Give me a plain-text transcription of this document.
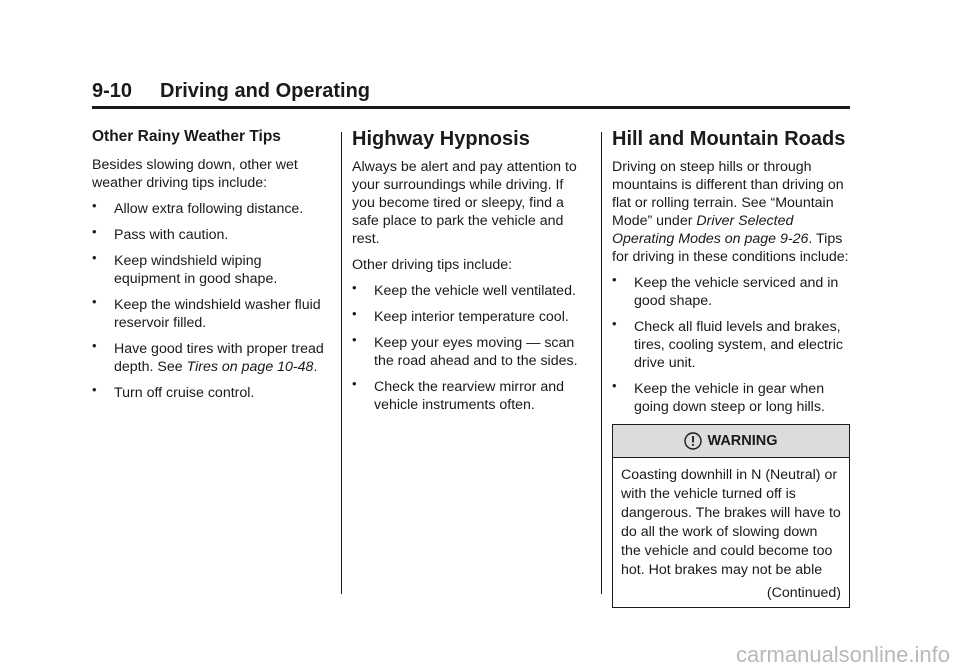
9-10 Driving and Operating
Other Rainy Weather Tips

Besides slowing down, other wet weather driving tips include:

• Allow extra following distance.
• Pass with caution.
• Keep windshield wiping equipment in good shape.
• Keep the windshield washer fluid reservoir filled.
• Have good tires with proper tread depth. See Tires on page 10-48.
• Turn off cruise control.
Highway Hypnosis

Always be alert and pay attention to your surroundings while driving. If you become tired or sleepy, find a safe place to park the vehicle and rest.

Other driving tips include:

• Keep the vehicle well ventilated.
• Keep interior temperature cool.
• Keep your eyes moving — scan the road ahead and to the sides.
• Check the rearview mirror and vehicle instruments often.
Hill and Mountain Roads

Driving on steep hills or through mountains is different than driving on flat or rolling terrain. See “Mountain Mode” under Driver Selected Operating Modes on page 9-26. Tips for driving in these conditions include:

• Keep the vehicle serviced and in good shape.
• Check all fluid levels and brakes, tires, cooling system, and electric drive unit.
• Keep the vehicle in gear when going down steep or long hills.
WARNING
Coasting downhill in N (Neutral) or with the vehicle turned off is dangerous. The brakes will have to do all the work of slowing down the vehicle and could become too hot. Hot brakes may not be able
(Continued)
carmanualsonline.info
